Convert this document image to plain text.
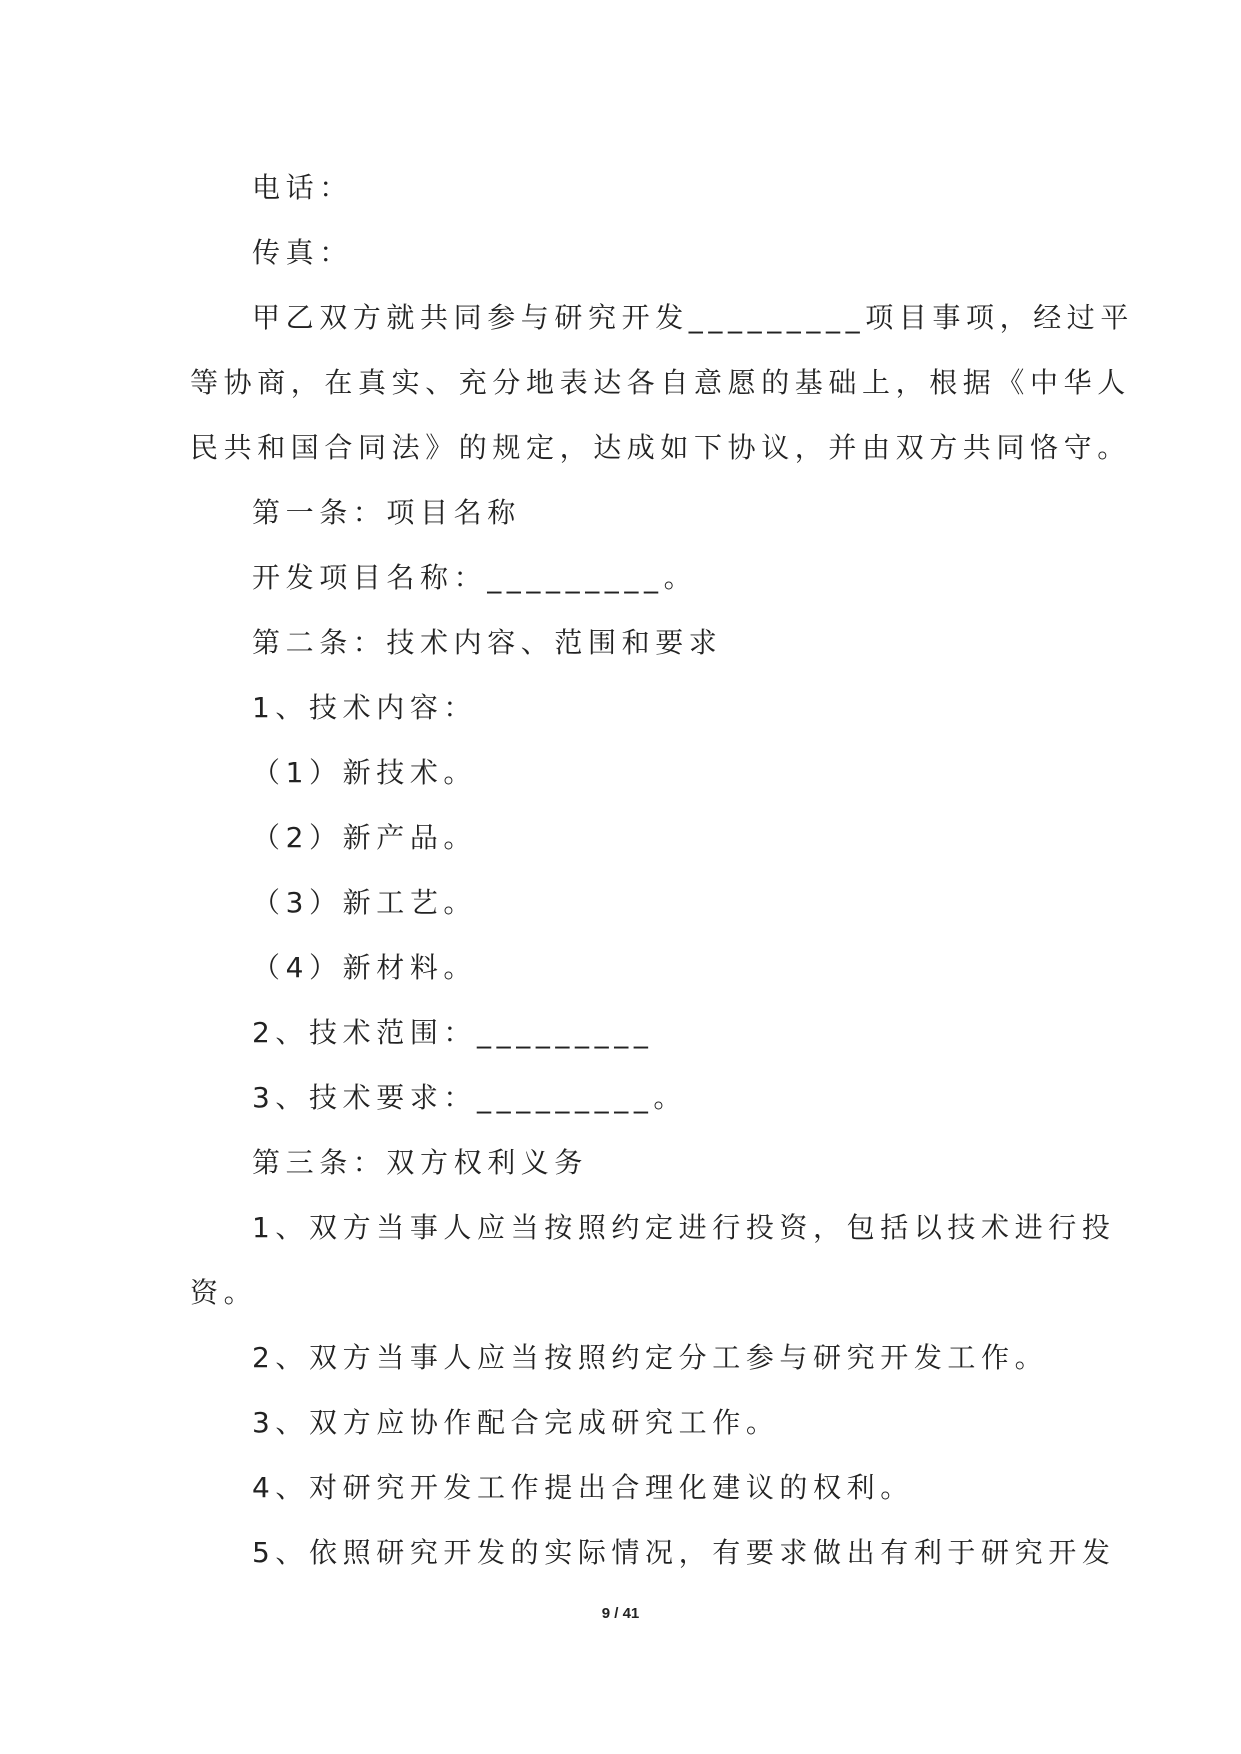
电话：
传真：
甲乙双方就共同参与研究开发_________项目事项，经过平
等协商，在真实、充分地表达各自意愿的基础上，根据《中华人
民共和国合同法》的规定，达成如下协议，并由双方共同恪守。
第一条：项目名称
开发项目名称：_________。
第二条：技术内容、范围和要求
1、技术内容：
（1）新技术。
（2）新产品。
（3）新工艺。
（4）新材料。
2、技术范围：_________
3、技术要求：_________。
第三条：双方权利义务
1、双方当事人应当按照约定进行投资，包括以技术进行投
资。
2、双方当事人应当按照约定分工参与研究开发工作。
3、双方应协作配合完成研究工作。
4、对研究开发工作提出合理化建议的权利。
5、依照研究开发的实际情况，有要求做出有利于研究开发
9 / 41
